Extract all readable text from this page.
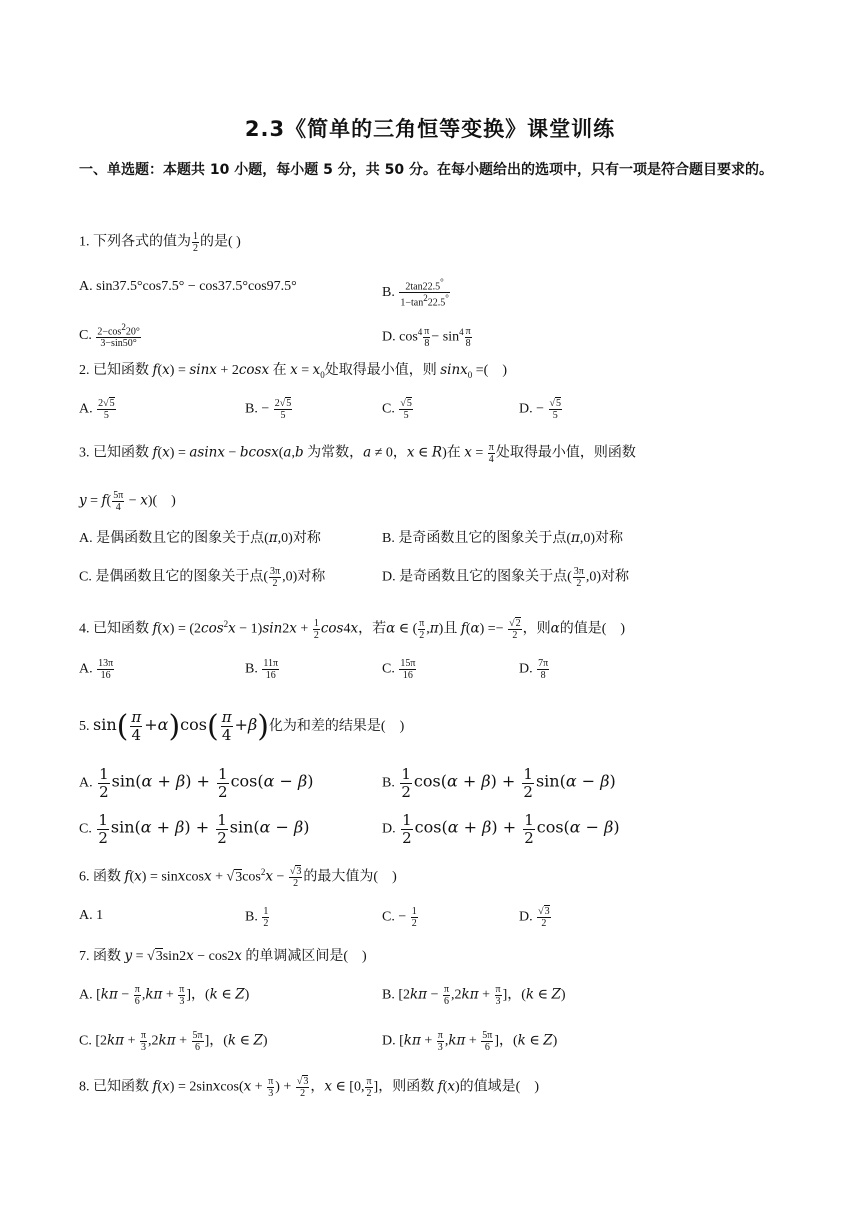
2.3《简单的三角恒等变换》课堂训练
一、单选题：本题共 10 小题，每小题 5 分，共 50 分。在每小题给出的选项中，只有一项是符合题目要求的。
1. 下列各式的值为 $\frac{1}{2}$ 的是( )
A. sin37.5°cos7.5° − cos37.5°cos97.5°	B. $\frac{2\tan 22.5^\circ}{1-\tan^222.5^\circ}$
C. $\frac{2-\cos^220^\circ}{3-\sin 50^\circ}$	D. $\cos^4 \frac{\pi}{8} - \sin^4 \frac{\pi}{8}$
2. 已知函数 f(x) = sinx + 2cosx 在 $x = x_0$处取得最小值，则 sinx$_0$ =(    )
A. $\frac{2√5}{5}$	B. − $\frac{2√5}{5}$	C. $\frac{√5}{5}$	D. − $\frac{√5}{5}$
3. 已知函数 f(x) = asinx − bcosx(a,b 为常数，a ≠ 0，x ∈ R)在 $x = \frac{\pi}{4}$ 处取得最小值，则函数
$y = f( \frac{5\pi}{4} - x)$(    )
A. 是偶函数且它的图象关于点(π,0)对称	B. 是奇函数且它的图象关于点(π,0)对称
C. 是偶函数且它的图象关于点( $\frac{3\pi}{2} ,0$)对称	D. 是奇函数且它的图象关于点( $\frac{3\pi}{2} ,0$)对称
4. 已知函数 $f(x) = (2\cos^2x - 1)\sin 2x + \frac{1}{2} \cos 4x$，若α ∈ ( $\frac{\pi}{2} ,\pi$)且 $f(\alpha) =- \frac{√2}{2}$ ，则α的值是(    )
A. $\frac{13\pi}{16}$	B. $\frac{11\pi}{16}$	C. $\frac{15\pi}{16}$	D. $\frac{7\pi}{8}$
5. $\sin( \frac{\pi}{4} +\alpha)\cos( \frac{\pi}{4} +\beta)$化为和差的结果是(    )
A. $\frac{1}{2} \sin(\alpha + \beta) + \frac{1}{2} \cos(\alpha - \beta)$	B. $\frac{1}{2} \cos(\alpha + \beta) + \frac{1}{2} \sin(\alpha - \beta)$
C. $\frac{1}{2} \sin(\alpha + \beta) + \frac{1}{2} \sin(\alpha - \beta)$	D. $\frac{1}{2} \cos(\alpha + \beta) + \frac{1}{2} \cos(\alpha - \beta)$
6. 函数 f(x) = sinxcosx + $√3\cos^2x - \frac{√3}{2}$ 的最大值为(    )
A. 1	B. $\frac{1}{2}$	C. − $\frac{1}{2}$	D. $\frac{√3}{2}$
7. 函数 y = √3sin2x − cos2x 的单调减区间是(    )
A. [$k\pi - \frac{\pi}{6} ,k\pi + \frac{\pi}{3}$ ]，(k ∈ Z)	B. [$2k\pi - \frac{\pi}{6} ,2k\pi + \frac{\pi}{3}$ ]，(k ∈ Z)
C. [$2k\pi + \frac{\pi}{3} ,2k\pi + \frac{5\pi}{6}$ ]，(k ∈ Z)	D. [$k\pi + \frac{\pi}{3} ,k\pi + \frac{5\pi}{6}$ ]，(k ∈ Z)
8. 已知函数 f(x) = 2sinxcos(x + $\frac{\pi}{3}$ ) + $\frac{√3}{2}$ ，x ∈ [0, $\frac{\pi}{2}$ ]，则函数 f(x)的值域是(    )
